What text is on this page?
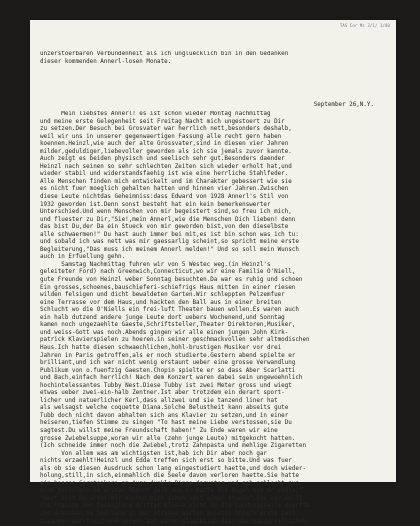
TAS Cor Ms 3/1/ 1/80
unzerstoerbaren Verbundenheit als ich ungluecklich bin in den Gedanken
dieser kommenden Annerl-losen Monate.
September 26,N.Y.
Mein liebstes Annerl! es ist schon wieder Montag nachmittag
und meine erste Gelegenheit seit Freitag Nacht mich ungestoert zu Dir
zu setzen.Der Besuch bei Grosvater war herrlich nett,besonders deshalb,
weil wir uns in unserer gegenwaertigen Fassung alle recht gern haben
koennen.Heinzl,wie auch der alte Grossvater,sind in diesen vier Jahren
milder,geduldiger,liebevoller geworden als ich sie jemals zuvor kannte.
Auch zeigt es beiden physisch und seelisch sehr gut.Besonders daender
Heinzl nach seinen so sehr schlechten Zeiten sich wieder erholt hat,und
wieder stabil und widerstandsfaehig ist wie eine herrliche Stahlfeder.
Alle Menschen finden mich entwickelt und im Charakter gebessert wie sie
es nicht fuer moeglich gehalten hatten und hinnen vier Jahren.Zwischen
diese Leute nichtdas Geheimniss:dass Edward von 1928 Annerl's Stil von
1932 geworden ist.Denn sonst besteht hat ein kein bemerkenswerter
Unterschied.Und wenn Menschen von mir begeistert sind,so freu ich mich,
und fluester zu Dir,"Sie!,mein Annerl,wie die Menschen Dich lieben! denn
das bist Du,der Da ein Stueck von mir geworden bist,von den dieselbste
alle schwaermen!" Du hast auch immer bei mit,es ist bin schon was ich tu:
und sobald ich was nett was mir gaessarlig scheint,so spricht meine erste
Begleiterung,"Das muss ich meinem Annerl melden!" Und so soll mein Wunsch
auch in Erfuellung gehn.
Samstag Nachmittag fuhren wir von 5 Westec weg.(in Heinzl's
geleiteter Ford) nach Greenwich,Connecticut,wo wir eine Familie O'Niell,
gute Freunde von Heinzl weber Sonntag besuchten.Da war es ruhig und schoen
Ein grosses,schoenes,bauschieferi-schiefrigs Haus mitten in einer riesen
wilden felsigen und dicht bewaldeten Garten.Wir schleppten Pelzemfuer
eine Terrasse vor dem Haus,und hackten den Ball aus in einer breiten
Schlucht wo die O'Niells ein frei-luft Theater bauen wollen.Es waren auch
ein halb dutzend andere junge Leute dort uebers Wochenend,und Sonntag
kamen noch ungezaehlte Gaeste,Schriftsteller,Theater Direktoren,Musiker,
und weiss-Gott was noch.Abends gingen wir alle einen jungen John Kirk-
patrick Klavierspielen zu hoeren.in seiner geschmackvollen sehr altmodischen
Haus.Ich hatte diesen schwaechlichen,hohl-brustigen Musiker vor drei
Jahren in Paris getroffen,als er noch studierte.Gestern abend spielte er
brilliant,und ich war nicht wenig erstaunt ueber eine grosse Verwandlung
Publikum von o.fuenfzig Gaesten.Chopin spielte er so dass Aber Scarlatti
und Bach,einfach herrlich! Nach dem Konzert waren dabei sein ungewoehnlich
hochintelessantes Tubby Nest.Diese Tubby ist zwei Meter gross und wiegt
etwas ueber zwei-ein-halb Zentner.Ist aber trotzdem ein derart sport-
licher und natuerlicher Kerl,dass allzwei und sie tanzend liner hat
als welsagst welche coquette Diana.Solche Belustheit kann abseits gute
Tubb doch nicht davon abhalten sich ans Klavier zu setzen,und in einer
heiseren,tiefen Stimme zu singen "To hast meine Liebe verstossen,sie Du
sagtest.Du willst meine Freundschaft haben!" Zu Ende waren wir eine
grosse Zwiebelsuppe,woran wir alle (zehn junge Leute) mitgekocht hatten.
(Ich schneide immer noch die Zwiebel,trotz Zahnpasta und mehlige Zigaretten
Von allem was am wichtigsten ist,hab ich Dir aber noch gar
nichts erzaehlt!Heinzl und Edda treffen sich erst so bitte.Und was fuer
als ob sie diesen Ausdruck schon lang eingestudiert haette,und doch wieder-
holung,still,in sich,einmahlich die Seele davon verloren haette.Sie hatte
ein boeses Gerstenkorn am Auge,dunkle Ringe darunter,und sah schlecht aus.
Auch Heinzlein im ersten Moment gelb aus,er hatte als Augen und er sagte,"
"Dort bist Du,alter!Wir suchen Dich schon seit einer Stunde",Das war,wo ll
die Freunde der Passagiere dritter Klasse nicht in die Landungshalle duerfte
und draussen im Gedraeng an der Strasse warten mussten.Unsere erste Zeit
zusammen war freud und unreel.Wir waren glaecklich,dass die handgreiflichen
